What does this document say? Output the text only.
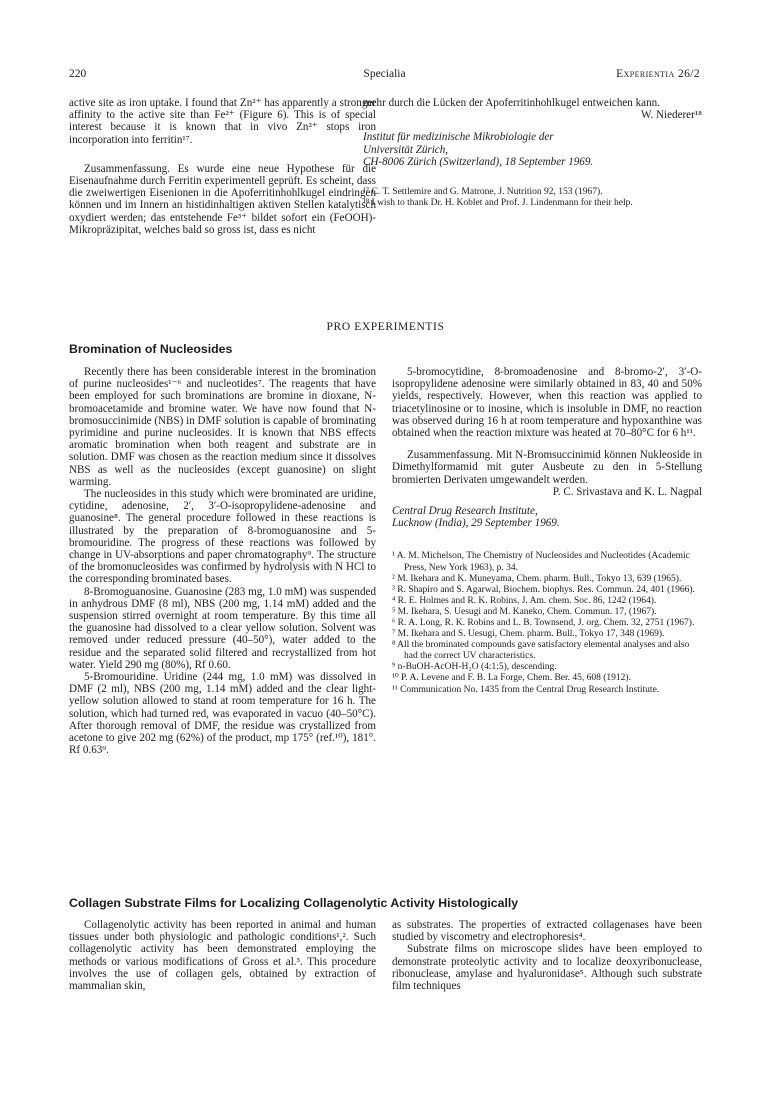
220	Specialia	Experientia 26/2

active site as iron uptake. I found that Zn²⁺ has apparently a stronger affinity to the active site than Fe²⁺ (Figure 6). This is of special interest because it is known that in vivo Zn²⁺ stops iron incorporation into ferritin¹⁷.

Zusammenfassung. Es wurde eine neue Hypothese für die Eisenaufnahme durch Ferritin experimentell geprüft. Es scheint, dass die zweiwertigen Eisenionen in die Apoferritinhohlkugel eindringen können und im Innern an histidinhaltigen aktiven Stellen katalytisch oxydiert werden; das entstehende Fe³⁺ bildet sofort ein (FeOOH)-Mikropräzipitat, welches bald so gross ist, dass es nicht

mehr durch die Lücken der Apoferritinhohlkugel entweichen kann.

W. Niederer¹⁸

Institut für medizinische Mikrobiologie der

Universität Zürich,

CH-8006 Zürich (Switzerland), 18 September 1969.

¹⁷ C. T. Settlemire and G. Matrone, J. Nutrition 92, 153 (1967).

¹⁸ I wish to thank Dr. H. Koblet and Prof. J. Lindenmann for their help.

PRO EXPERIMENTIS
Bromination of Nucleosides

Recently there has been considerable interest in the bromination of purine nucleosides¹⁻⁶ and nucleotides⁷. The reagents that have been employed for such brominations are bromine in dioxane, N-bromoacetamide and bromine water. We have now found that N-bromosuccinimide (NBS) in DMF solution is capable of brominating pyrimidine and purine nucleosides. It is known that NBS effects aromatic bromination when both reagent and substrate are in solution. DMF was chosen as the reaction medium since it dissolves NBS as well as the nucleosides (except guanosine) on slight warming.

The nucleosides in this study which were brominated are uridine, cytidine, adenosine, 2′, 3′-O-isopropylidene-adenosine and guanosine⁸. The general procedure followed in these reactions is illustrated by the preparation of 8-bromoguanosine and 5-bromouridine. The progress of these reactions was followed by change in UV-absorptions and paper chromatography⁹. The structure of the bromonucleosides was confirmed by hydrolysis with N HCl to the corresponding brominated bases.

8-Bromoguanosine. Guanosine (283 mg, 1.0 mM) was suspended in anhydrous DMF (8 ml), NBS (200 mg, 1.14 mM) added and the suspension stirred overnight at room temperature. By this time all the guanosine had dissolved to a clear yellow solution. Solvent was removed under reduced pressure (40–50°), water added to the residue and the separated solid filtered and recrystallized from hot water. Yield 290 mg (80%), Rf 0.60.

5-Bromouridine. Uridine (244 mg, 1.0 mM) was dissolved in DMF (2 ml), NBS (200 mg, 1.14 mM) added and the clear light-yellow solution allowed to stand at room temperature for 16 h. The solution, which had turned red, was evaporated in vacuo (40–50°C). After thorough removal of DMF, the residue was crystallized from acetone to give 202 mg (62%) of the product, mp 175° (ref.¹⁰), 181°. Rf 0.63⁹.

5-bromocytidine, 8-bromoadenosine and 8-bromo-2′, 3′-O-isopropylidene adenosine were similarly obtained in 83, 40 and 50% yields, respectively. However, when this reaction was applied to triacetylinosine or to inosine, which is insoluble in DMF, no reaction was observed during 16 h at room temperature and hypoxanthine was obtained when the reaction mixture was heated at 70–80°C for 6 h¹¹.

Zusammenfassung. Mit N-Bromsuccinimid können Nukleoside in Dimethylformamid mit guter Ausbeute zu den in 5-Stellung bromierten Derivaten umgewandelt werden.

P. C. Srivastava and K. L. Nagpal

Central Drug Research Institute,

Lucknow (India), 29 September 1969.

¹ A. M. Michelson, The Chemistry of Nucleosides and Nucleotides (Academic Press, New York 1963), p. 34.

² M. Ikehara and K. Muneyama, Chem. pharm. Bull., Tokyo 13, 639 (1965).

³ R. Shapiro and S. Agarwal, Biochem. biophys. Res. Commun. 24, 401 (1966).

⁴ R. E. Holmes and R. K. Robins, J. Am. chem. Soc. 86, 1242 (1964).

⁵ M. Ikehara, S. Uesugi and M. Kaneko, Chem. Commun. 17, (1967).

⁶ R. A. Long, R. K. Robins and L. B. Townsend, J. org. Chem. 32, 2751 (1967).

⁷ M. Ikehara and S. Uesugi, Chem. pharm. Bull., Tokyo 17, 348 (1969).

⁸ All the brominated compounds gave satisfactory elemental analyses and also had the correct UV characteristics.

⁹ n-BuOH-AcOH-H₂O (4:1:5), descending.

¹⁰ P. A. Levene and F. B. La Forge, Chem. Ber. 45, 608 (1912).

¹¹ Communication No. 1435 from the Central Drug Research Institute.

Collagen Substrate Films for Localizing Collagenolytic Activity Histologically

Collagenolytic activity has been reported in animal and human tissues under both physiologic and pathologic conditions¹,². Such collagenolytic activity has been demonstrated employing the methods or various modifications of Gross et al.³. This procedure involves the use of collagen gels, obtained by extraction of mammalian skin,

as substrates. The properties of extracted collagenases have been studied by viscometry and electrophoresis⁴.

Substrate films on microscope slides have been employed to demonstrate proteolytic activity and to localize deoxyribonuclease, ribonuclease, amylase and hyaluronidase⁵. Although such substrate film techniques
